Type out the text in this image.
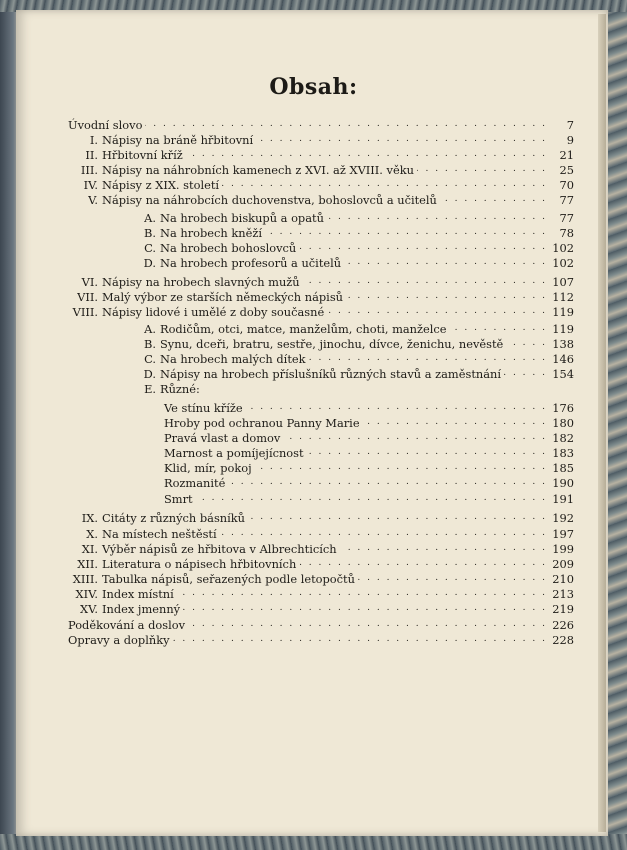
Obsah:
Úvodní slovo . . .	7
I. Nápisy na bráně hřbitovní . . .	9
II. Hřbitovní kříž . . .	21
III. Nápisy na náhrobních kamenech z XVI. až XVIII. věku . . .	25
IV. Nápisy z XIX. století . . .	70
V. Nápisy na náhrobcích duchovenstva, bohoslovců a učitelů . . .	77
A. Na hrobech biskupů a opatů . . .	77
B. Na hrobech kněží . . .	78
C. Na hrobech bohoslovců . . .	102
D. Na hrobech profesorů a učitelů . . .	102
VI. Nápisy na hrobech slavných mužů . . .	107
VII. Malý výbor ze starších německých nápisů . . .	112
VIII. Nápisy lidové i umělé z doby současné . . .	119
A. Rodičům, otci, matce, manželům, choti, manželce . . .	119
B. Synu, dceři, bratru, sestře, jinochu, dívce, ženichu, nevěstě . . .	138
C. Na hrobech malých dítek . . .	146
D. Nápisy na hrobech příslušníků různých stavů a zaměstnání . . .	154
E. Různé:
Ve stínu kříže . . .	176
Hroby pod ochranou Panny Marie . . .	180
Pravá vlast a domov . . .	182
Marnost a pomíjejícnost . . .	183
Klid, mír, pokoj . . .	185
Rozmanité . . .	190
Smrt . . .	191
IX. Citáty z různých básníků . . .	192
X. Na místech neštěstí . . .	197
XI. Výběr nápisů ze hřbitova v Albrechticích . . .	199
XII. Literatura o nápisech hřbitovních . . .	209
XIII. Tabulka nápisů, seřazených podle letopočtů . . .	210
XIV. Index místní . . .	213
XV. Index jmenný . . .	219
Poděkování a doslov . . .	226
Opravy a doplňky . . .	228
